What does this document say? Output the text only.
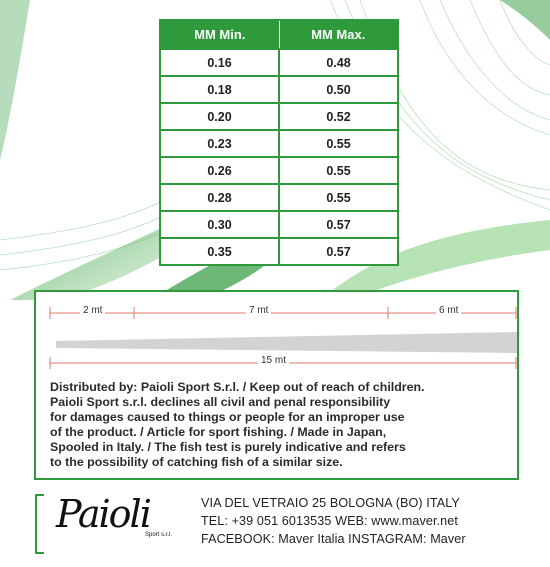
MM Min.	MM Max.
0.16	0.48
0.18	0.50
0.20	0.52
0.23	0.55
0.26	0.55
0.28	0.55
0.30	0.57
0.35	0.57
2 mt	7 mt	6 mt
15 mt
Distributed by: Paioli Sport S.r.l. / Keep out of reach of children.
Paioli Sport s.r.l. declines all civil and penal responsibility
for damages caused to things or people for an improper use
of the product. / Article for sport fishing. / Made in Japan,
Spooled in Italy. / The fish test is purely indicative and refers
to the possibility of catching fish of a similar size.
Paioli
Sport s.r.l.
VIA DEL VETRAIO 25 BOLOGNA (BO) ITALY
TEL: +39 051 6013535 WEB: www.maver.net
FACEBOOK: Maver Italia INSTAGRAM: Maver
